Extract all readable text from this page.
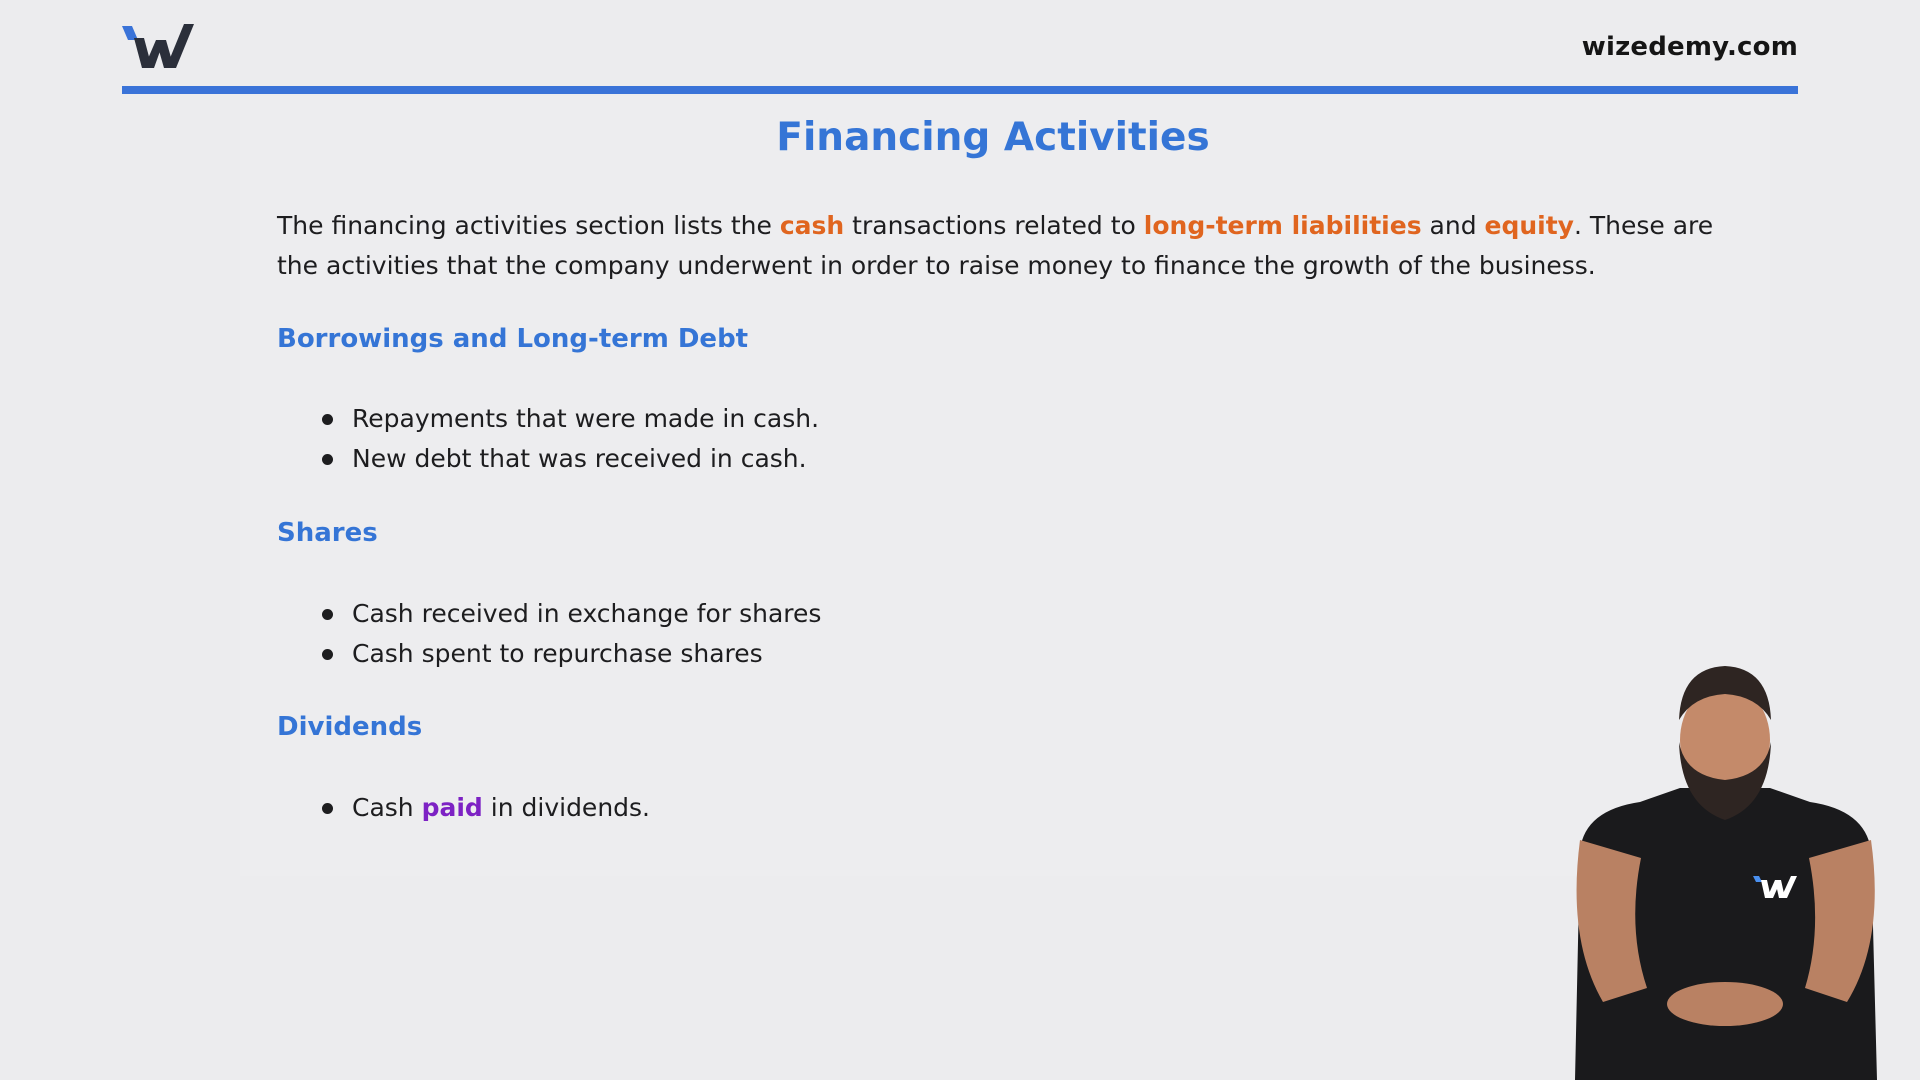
wizedemy.com
Financing Activities
The financing activities section lists the cash transactions related to long-term liabilities and equity. These are the activities that the company underwent in order to raise money to finance the growth of the business.
Borrowings and Long-term Debt
Repayments that were made in cash.
New debt that was received in cash.
Shares
Cash received in exchange for shares
Cash spent to repurchase shares
Dividends
Cash paid in dividends.
